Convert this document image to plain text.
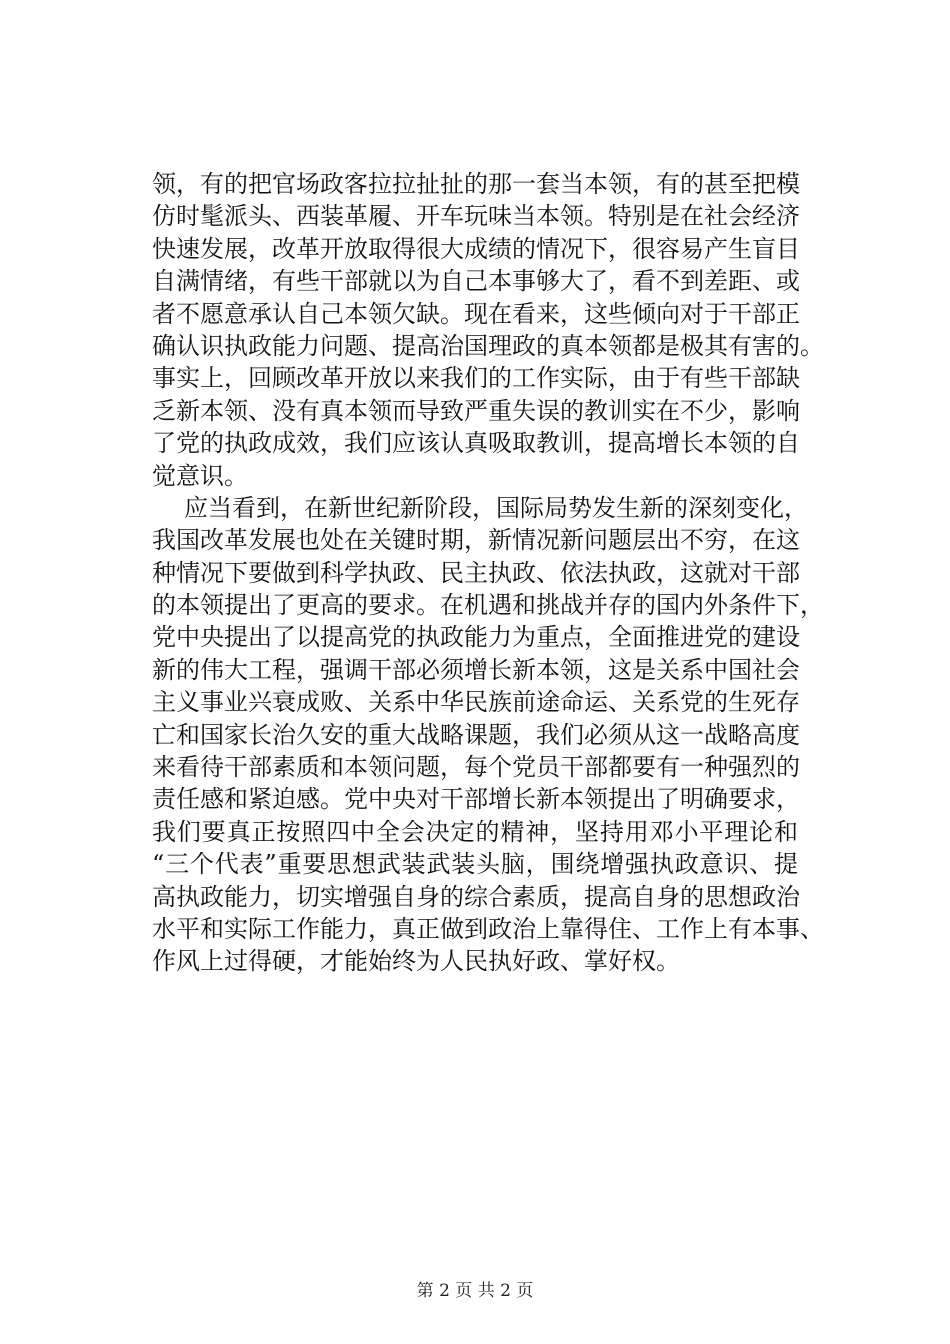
领，有的把官场政客拉拉扯扯的那一套当本领，有的甚至把模
仿时髦派头、西装革履、开车玩味当本领。特别是在社会经济
快速发展，改革开放取得很大成绩的情况下，很容易产生盲目
自满情绪，有些干部就以为自己本事够大了，看不到差距、或
者不愿意承认自己本领欠缺。现在看来，这些倾向对于干部正
确认识执政能力问题、提高治国理政的真本领都是极其有害的。
事实上，回顾改革开放以来我们的工作实际，由于有些干部缺
乏新本领、没有真本领而导致严重失误的教训实在不少，影响
了党的执政成效，我们应该认真吸取教训，提高增长本领的自
觉意识。
应当看到，在新世纪新阶段，国际局势发生新的深刻变化，
我国改革发展也处在关键时期，新情况新问题层出不穷，在这
种情况下要做到科学执政、民主执政、依法执政，这就对干部
的本领提出了更高的要求。在机遇和挑战并存的国内外条件下，
党中央提出了以提高党的执政能力为重点，全面推进党的建设
新的伟大工程，强调干部必须增长新本领，这是关系中国社会
主义事业兴衰成败、关系中华民族前途命运、关系党的生死存
亡和国家长治久安的重大战略课题，我们必须从这一战略高度
来看待干部素质和本领问题，每个党员干部都要有一种强烈的
责任感和紧迫感。党中央对干部增长新本领提出了明确要求，
我们要真正按照四中全会决定的精神，坚持用邓小平理论和
“三个代表”重要思想武装武装头脑，围绕增强执政意识、提
高执政能力，切实增强自身的综合素质，提高自身的思想政治
水平和实际工作能力，真正做到政治上靠得住、工作上有本事、
作风上过得硬，才能始终为人民执好政、掌好权。
第 2 页 共 2 页
